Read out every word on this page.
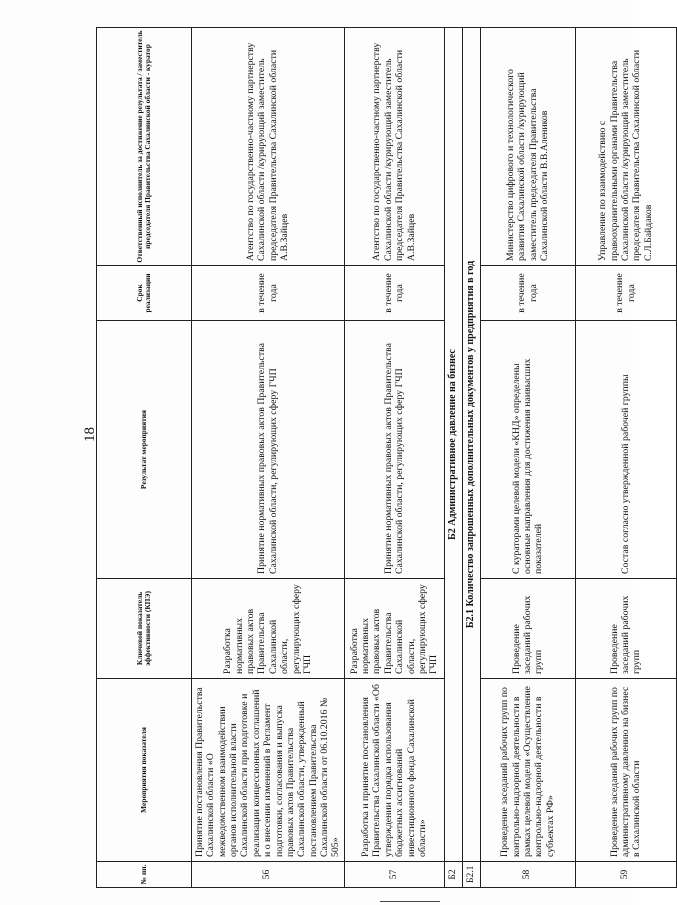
18
№ пп.	Мероприятия показателя	Ключевой показатель эффективности (КПЭ)	Результат мероприятия	Срок реализации	Ответственный исполнитель за достижение результата / заместитель председателя Правительства Сахалинской области - куратор
56	Принятие постановления Правительства Сахалинской области «О межведомственном взаимодействии органов исполнительной власти Сахалинской области при подготовке и реализации концессионных соглашений и о внесении изменений в Регламент подготовки, согласования и выпуска правовых актов Правительства Сахалинской области, утвержденный постановлением Правительства Сахалинской области от 06.10.2016 № 505»	Разработка нормативных правовых актов Правительства Сахалинской области, регулирующих сферу ГЧП	Принятие нормативных правовых актов Правительства Сахалинской области, регулирующих сферу ГЧП	в течение года	Агентство по государственно-частному партнерству Сахалинской области /курирующий заместитель председателя Правительства Сахалинской области А.В.Зайцев
57	Разработка и принятие постановления Правительства Сахалинской области «Об утверждении порядка использования бюджетных ассигнований инвестиционного фонда Сахалинской области»	Разработка нормативных правовых актов Правительства Сахалинской области, регулирующих сферу ГЧП	Принятие нормативных правовых актов Правительства Сахалинской области, регулирующих сферу ГЧП	в течение года	Агентство по государственно-частному партнерству Сахалинской области /курирующий заместитель председателя Правительства Сахалинской области А.В.Зайцев
Б2	Б2 Административное давление на бизнес				
Б2.1	Б2.1 Количество запрошенных дополнительных документов у предприятия в год				
58	Проведение заседаний рабочих групп по контрольно-надзорной деятельности в рамках целевой модели «Осуществление контрольно-надзорной деятельности в субъектах РФ»	Проведение заседаний рабочих групп	С кураторами целевой модели «КНД» определены основные направления для достижения наивысших показателей	в течение года	Министерство цифрового и технологического развития Сахалинской области /курирующий заместитель председателя Правительства Сахалинской области В.В.Алеников
59	Проведение заседаний рабочих групп по административному давлению на бизнес в Сахалинской области	Проведение заседаний рабочих групп	Состав согласно утвержденной рабочей группы	в течение года	Управление по взаимодействию с правоохранительными органами Правительства Сахалинской области /курирующий заместитель председателя Правительства Сахалинской области С.Л.Байдаков
